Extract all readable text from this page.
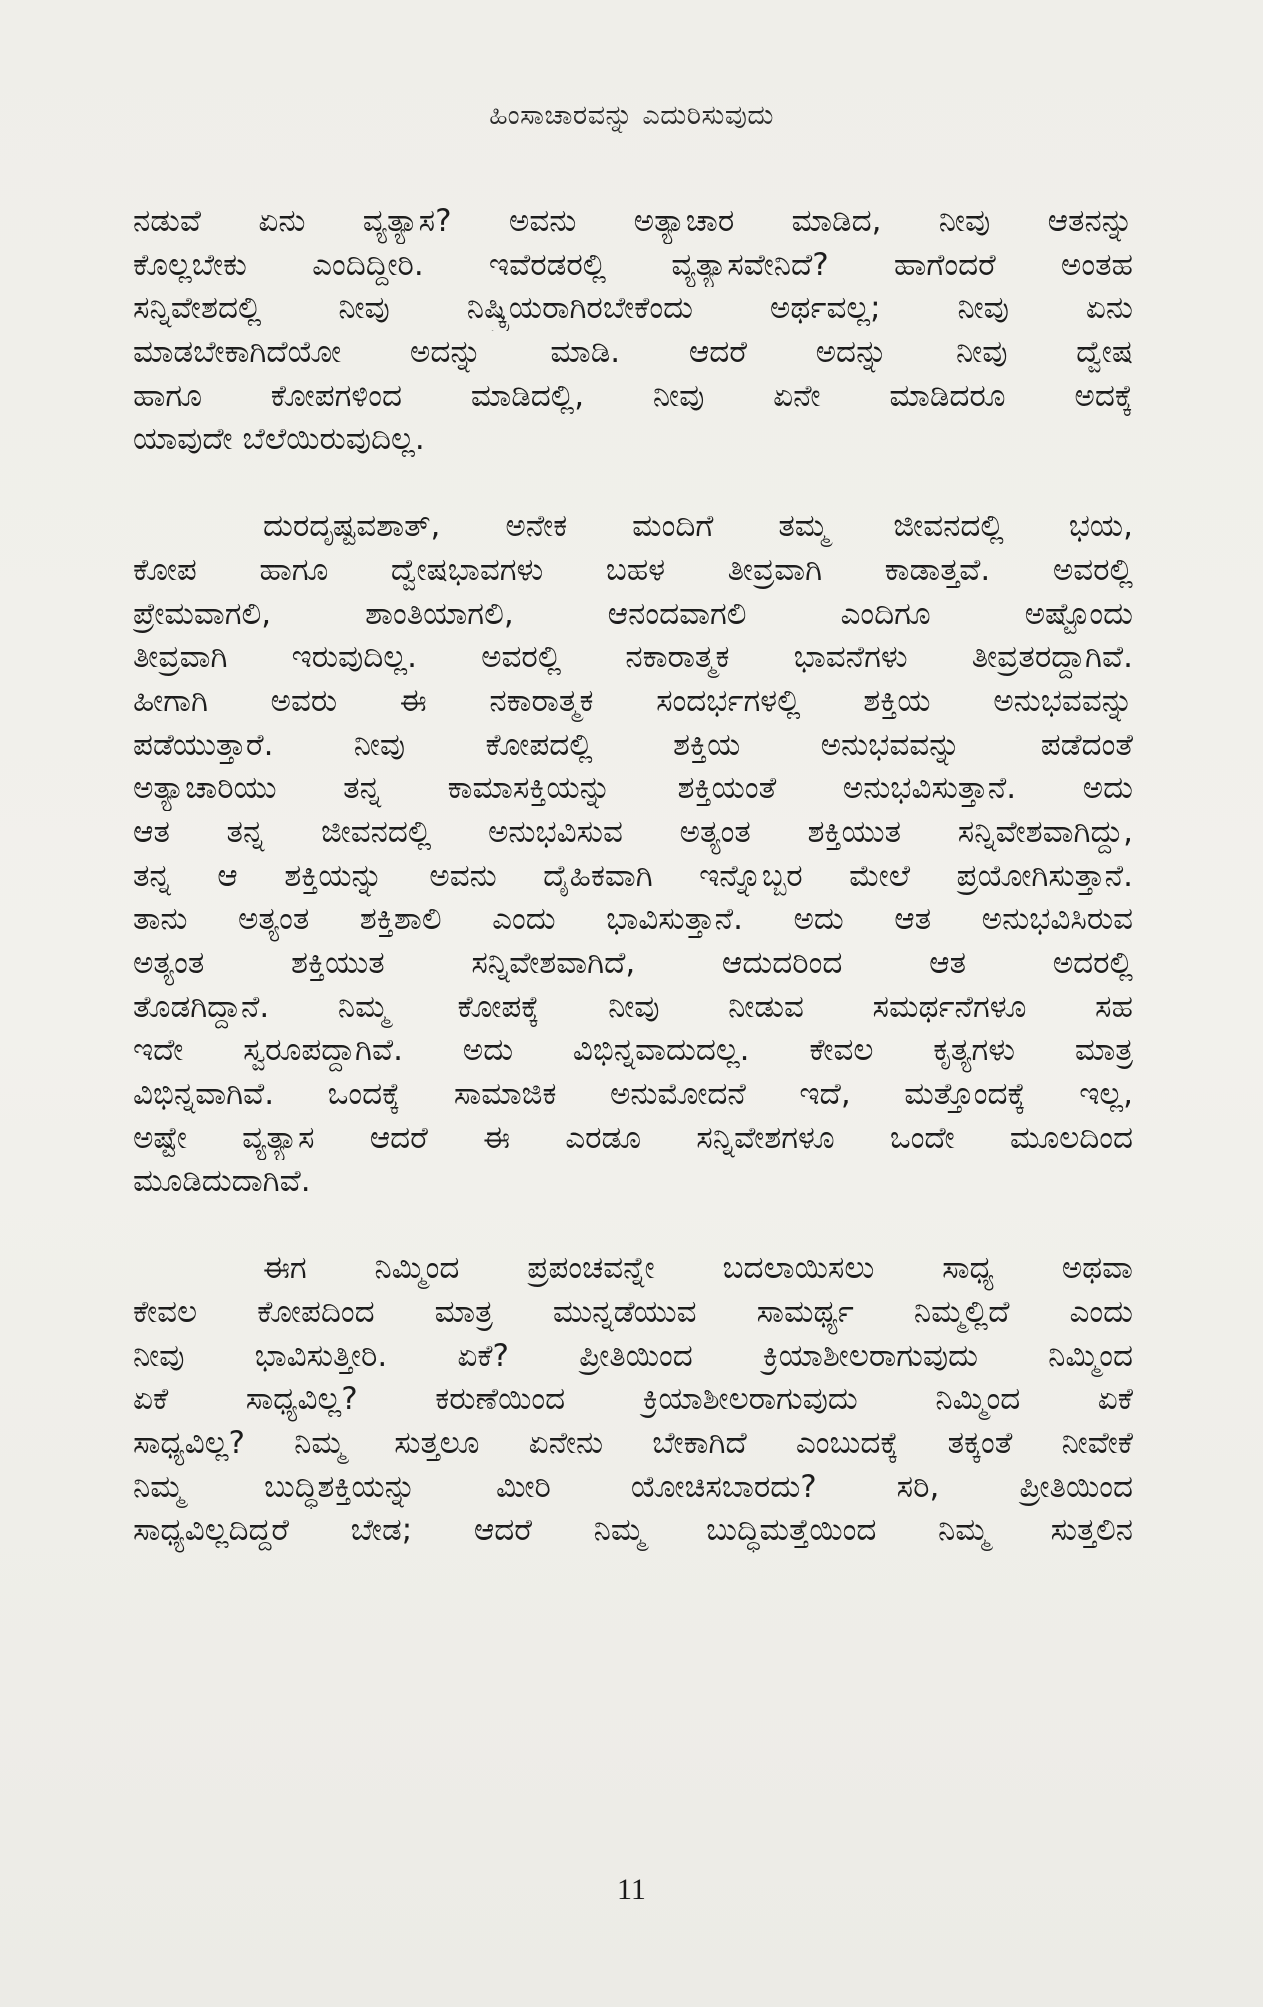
ಹಿಂಸಾಚಾರವನ್ನು ಎದುರಿಸುವುದು

ನಡುವೆ ಏನು ವ್ಯತ್ಯಾಸ? ಅವನು ಅತ್ಯಾಚಾರ ಮಾಡಿದ, ನೀವು ಆತನನ್ನು
ಕೊಲ್ಲಬೇಕು ಎಂದಿದ್ದೀರಿ. ಇವೆರಡರಲ್ಲಿ ವ್ಯತ್ಯಾಸವೇನಿದೆ? ಹಾಗೆಂದರೆ ಅಂತಹ
ಸನ್ನಿವೇಶದಲ್ಲಿ ನೀವು ನಿಷ್ಕ್ರಿಯರಾಗಿರಬೇಕೆಂದು ಅರ್ಥವಲ್ಲ; ನೀವು ಏನು
ಮಾಡಬೇಕಾಗಿದೆಯೋ ಅದನ್ನು ಮಾಡಿ. ಆದರೆ ಅದನ್ನು ನೀವು ದ್ವೇಷ
ಹಾಗೂ ಕೋಪಗಳಿಂದ ಮಾಡಿದಲ್ಲಿ, ನೀವು ಏನೇ ಮಾಡಿದರೂ ಅದಕ್ಕೆ
ಯಾವುದೇ ಬೆಲೆಯಿರುವುದಿಲ್ಲ.

ದುರದೃಷ್ಟವಶಾತ್, ಅನೇಕ ಮಂದಿಗೆ ತಮ್ಮ ಜೀವನದಲ್ಲಿ ಭಯ,
ಕೋಪ ಹಾಗೂ ದ್ವೇಷಭಾವಗಳು ಬಹಳ ತೀವ್ರವಾಗಿ ಕಾಡಾತ್ತವೆ. ಅವರಲ್ಲಿ
ಪ್ರೇಮವಾಗಲಿ, ಶಾಂತಿಯಾಗಲಿ, ಆನಂದವಾಗಲಿ ಎಂದಿಗೂ ಅಷ್ಟೊಂದು
ತೀವ್ರವಾಗಿ ಇರುವುದಿಲ್ಲ. ಅವರಲ್ಲಿ ನಕಾರಾತ್ಮಕ ಭಾವನೆಗಳು ತೀವ್ರತರದ್ದಾಗಿವೆ.
ಹೀಗಾಗಿ ಅವರು ಈ ನಕಾರಾತ್ಮಕ ಸಂದರ್ಭಗಳಲ್ಲಿ ಶಕ್ತಿಯ ಅನುಭವವನ್ನು
ಪಡೆಯುತ್ತಾರೆ. ನೀವು ಕೋಪದಲ್ಲಿ ಶಕ್ತಿಯ ಅನುಭವವನ್ನು ಪಡೆದಂತೆ
ಅತ್ಯಾಚಾರಿಯು ತನ್ನ ಕಾಮಾಸಕ್ತಿಯನ್ನು ಶಕ್ತಿಯಂತೆ ಅನುಭವಿಸುತ್ತಾನೆ. ಅದು
ಆತ ತನ್ನ ಜೀವನದಲ್ಲಿ ಅನುಭವಿಸುವ ಅತ್ಯಂತ ಶಕ್ತಿಯುತ ಸನ್ನಿವೇಶವಾಗಿದ್ದು,
ತನ್ನ ಆ ಶಕ್ತಿಯನ್ನು ಅವನು ದೈಹಿಕವಾಗಿ ಇನ್ನೊಬ್ಬರ ಮೇಲೆ ಪ್ರಯೋಗಿಸುತ್ತಾನೆ.
ತಾನು ಅತ್ಯಂತ ಶಕ್ತಿಶಾಲಿ ಎಂದು ಭಾವಿಸುತ್ತಾನೆ. ಅದು ಆತ ಅನುಭವಿಸಿರುವ
ಅತ್ಯಂತ ಶಕ್ತಿಯುತ ಸನ್ನಿವೇಶವಾಗಿದೆ, ಆದುದರಿಂದ ಆತ ಅದರಲ್ಲಿ
ತೊಡಗಿದ್ದಾನೆ. ನಿಮ್ಮ ಕೋಪಕ್ಕೆ ನೀವು ನೀಡುವ ಸಮರ್ಥನೆಗಳೂ ಸಹ
ಇದೇ ಸ್ವರೂಪದ್ದಾಗಿವೆ. ಅದು ವಿಭಿನ್ನವಾದುದಲ್ಲ. ಕೇವಲ ಕೃತ್ಯಗಳು ಮಾತ್ರ
ವಿಭಿನ್ನವಾಗಿವೆ. ಒಂದಕ್ಕೆ ಸಾಮಾಜಿಕ ಅನುಮೋದನೆ ಇದೆ, ಮತ್ತೊಂದಕ್ಕೆ ಇಲ್ಲ,
ಅಷ್ಟೇ ವ್ಯತ್ಯಾಸ ಆದರೆ ಈ ಎರಡೂ ಸನ್ನಿವೇಶಗಳೂ ಒಂದೇ ಮೂಲದಿಂದ
ಮೂಡಿದುದಾಗಿವೆ.

ಈಗ ನಿಮ್ಮಿಂದ ಪ್ರಪಂಚವನ್ನೇ ಬದಲಾಯಿಸಲು ಸಾಧ್ಯ ಅಥವಾ
ಕೇವಲ ಕೋಪದಿಂದ ಮಾತ್ರ ಮುನ್ನಡೆಯುವ ಸಾಮರ್ಥ್ಯ ನಿಮ್ಮಲ್ಲಿದೆ ಎಂದು
ನೀವು ಭಾವಿಸುತ್ತೀರಿ. ಏಕೆ? ಪ್ರೀತಿಯಿಂದ ಕ್ರಿಯಾಶೀಲರಾಗುವುದು ನಿಮ್ಮಿಂದ
ಏಕೆ ಸಾಧ್ಯವಿಲ್ಲ? ಕರುಣೆಯಿಂದ ಕ್ರಿಯಾಶೀಲರಾಗುವುದು ನಿಮ್ಮಿಂದ ಏಕೆ
ಸಾಧ್ಯವಿಲ್ಲ? ನಿಮ್ಮ ಸುತ್ತಲೂ ಏನೇನು ಬೇಕಾಗಿದೆ ಎಂಬುದಕ್ಕೆ ತಕ್ಕಂತೆ ನೀವೇಕೆ
ನಿಮ್ಮ ಬುದ್ಧಿಶಕ್ತಿಯನ್ನು ಮೀರಿ ಯೋಚಿಸಬಾರದು? ಸರಿ, ಪ್ರೀತಿಯಿಂದ
ಸಾಧ್ಯವಿಲ್ಲದಿದ್ದರೆ ಬೇಡ; ಆದರೆ ನಿಮ್ಮ ಬುದ್ಧಿಮತ್ತೆಯಿಂದ ನಿಮ್ಮ ಸುತ್ತಲಿನ

11
